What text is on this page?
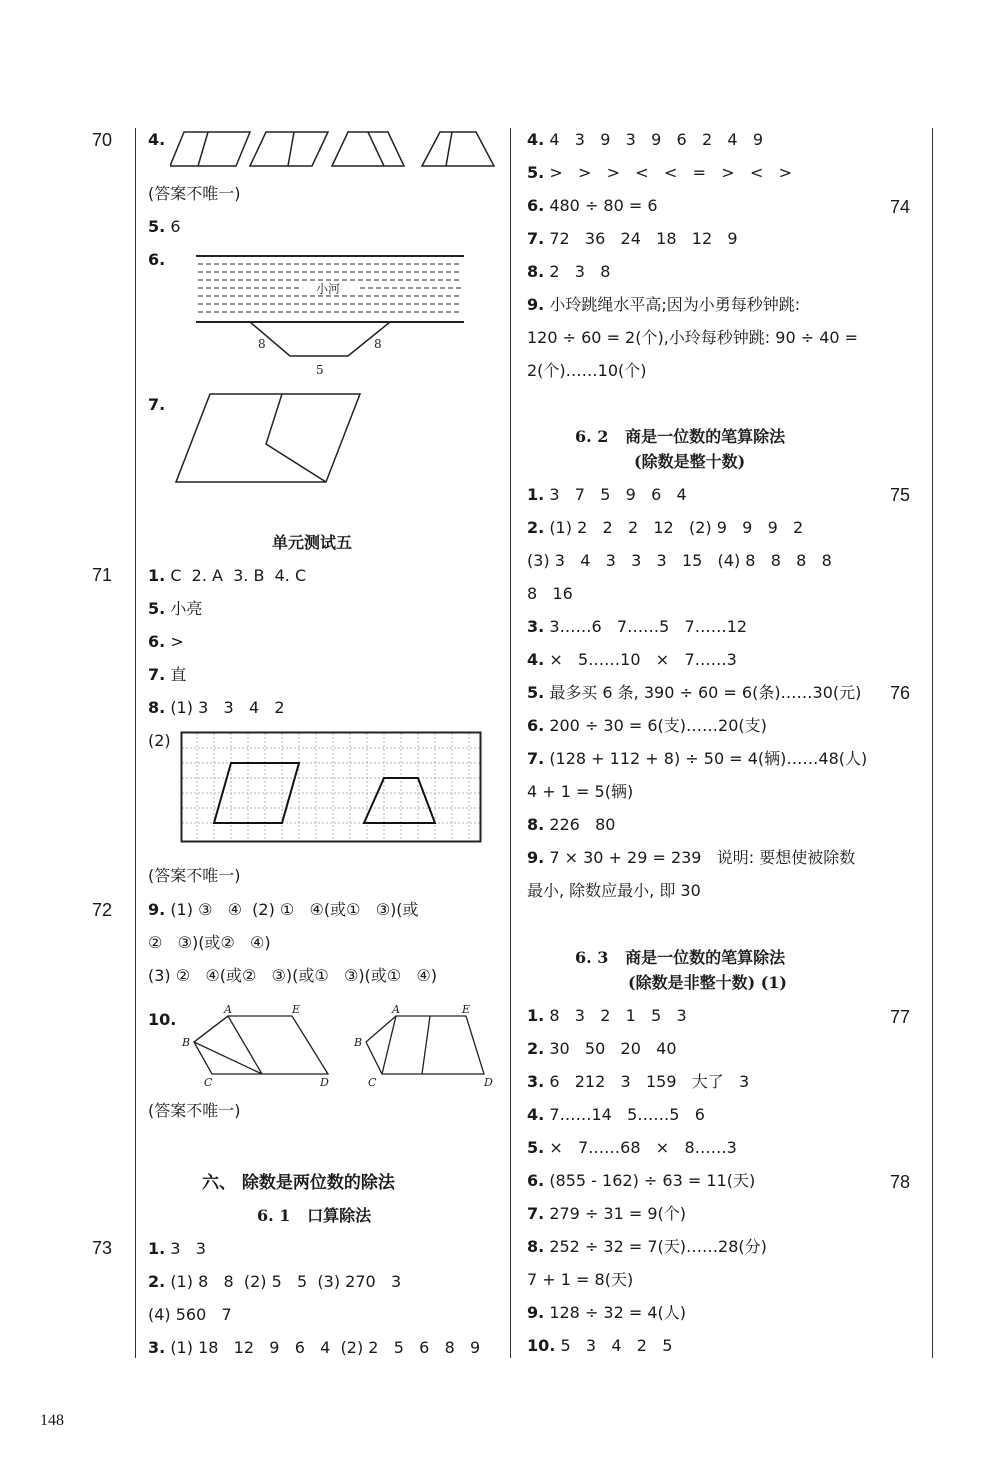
70
71
72
73
4.
(答案不唯一)
5. 6
6.
小河
8	8
5
7.
单元测试五
1. C  2. A  3. B  4. C
5. 小亮
6. >
7. 直
8. (1) 3   3   4   2
(2)
(答案不唯一)
9. (1) ③   ④  (2) ①   ④(或①   ③)(或
②   ③)(或②   ④)
(3) ②   ④(或②   ③)(或①   ③)(或①   ④)
10.
A	E
B
C	D
A	E
B
C	D
(答案不唯一)
六、 除数是两位数的除法
6. 1   口算除法
1. 3   3
2. (1) 8   8  (2) 5   5  (3) 270   3
(4) 560   7
3. (1) 18   12   9   6   4  (2) 2   5   6   8   9
74
75
76
77
78
4. 4   3   9   3   9   6   2   4   9
5. >   >   >   <   <   =   >   <   >
6. 480 ÷ 80 = 6
7. 72   36   24   18   12   9
8. 2   3   8
9. 小玲跳绳水平高;因为小勇每秒钟跳:
120 ÷ 60 = 2(个),小玲每秒钟跳: 90 ÷ 40 =
2(个)……10(个)
6. 2   商是一位数的笔算除法
(除数是整十数)
1. 3   7   5   9   6   4
2. (1) 2   2   2   12   (2) 9   9   9   2
(3) 3   4   3   3   3   15   (4) 8   8   8   8
8   16
3. 3……6   7……5   7……12
4. ×   5……10   ×   7……3
5. 最多买 6 条, 390 ÷ 60 = 6(条)……30(元)
6. 200 ÷ 30 = 6(支)……20(支)
7. (128 + 112 + 8) ÷ 50 = 4(辆)……48(人)
4 + 1 = 5(辆)
8. 226   80
9. 7 × 30 + 29 = 239   说明: 要想使被除数
最小, 除数应最小, 即 30
6. 3   商是一位数的笔算除法
(除数是非整十数) (1)
1. 8   3   2   1   5   3
2. 30   50   20   40
3. 6   212   3   159   大了   3
4. 7……14   5……5   6
5. ×   7……68   ×   8……3
6. (855 - 162) ÷ 63 = 11(天)
7. 279 ÷ 31 = 9(个)
8. 252 ÷ 32 = 7(天)……28(分)
7 + 1 = 8(天)
9. 128 ÷ 32 = 4(人)
10. 5   3   4   2   5
148
